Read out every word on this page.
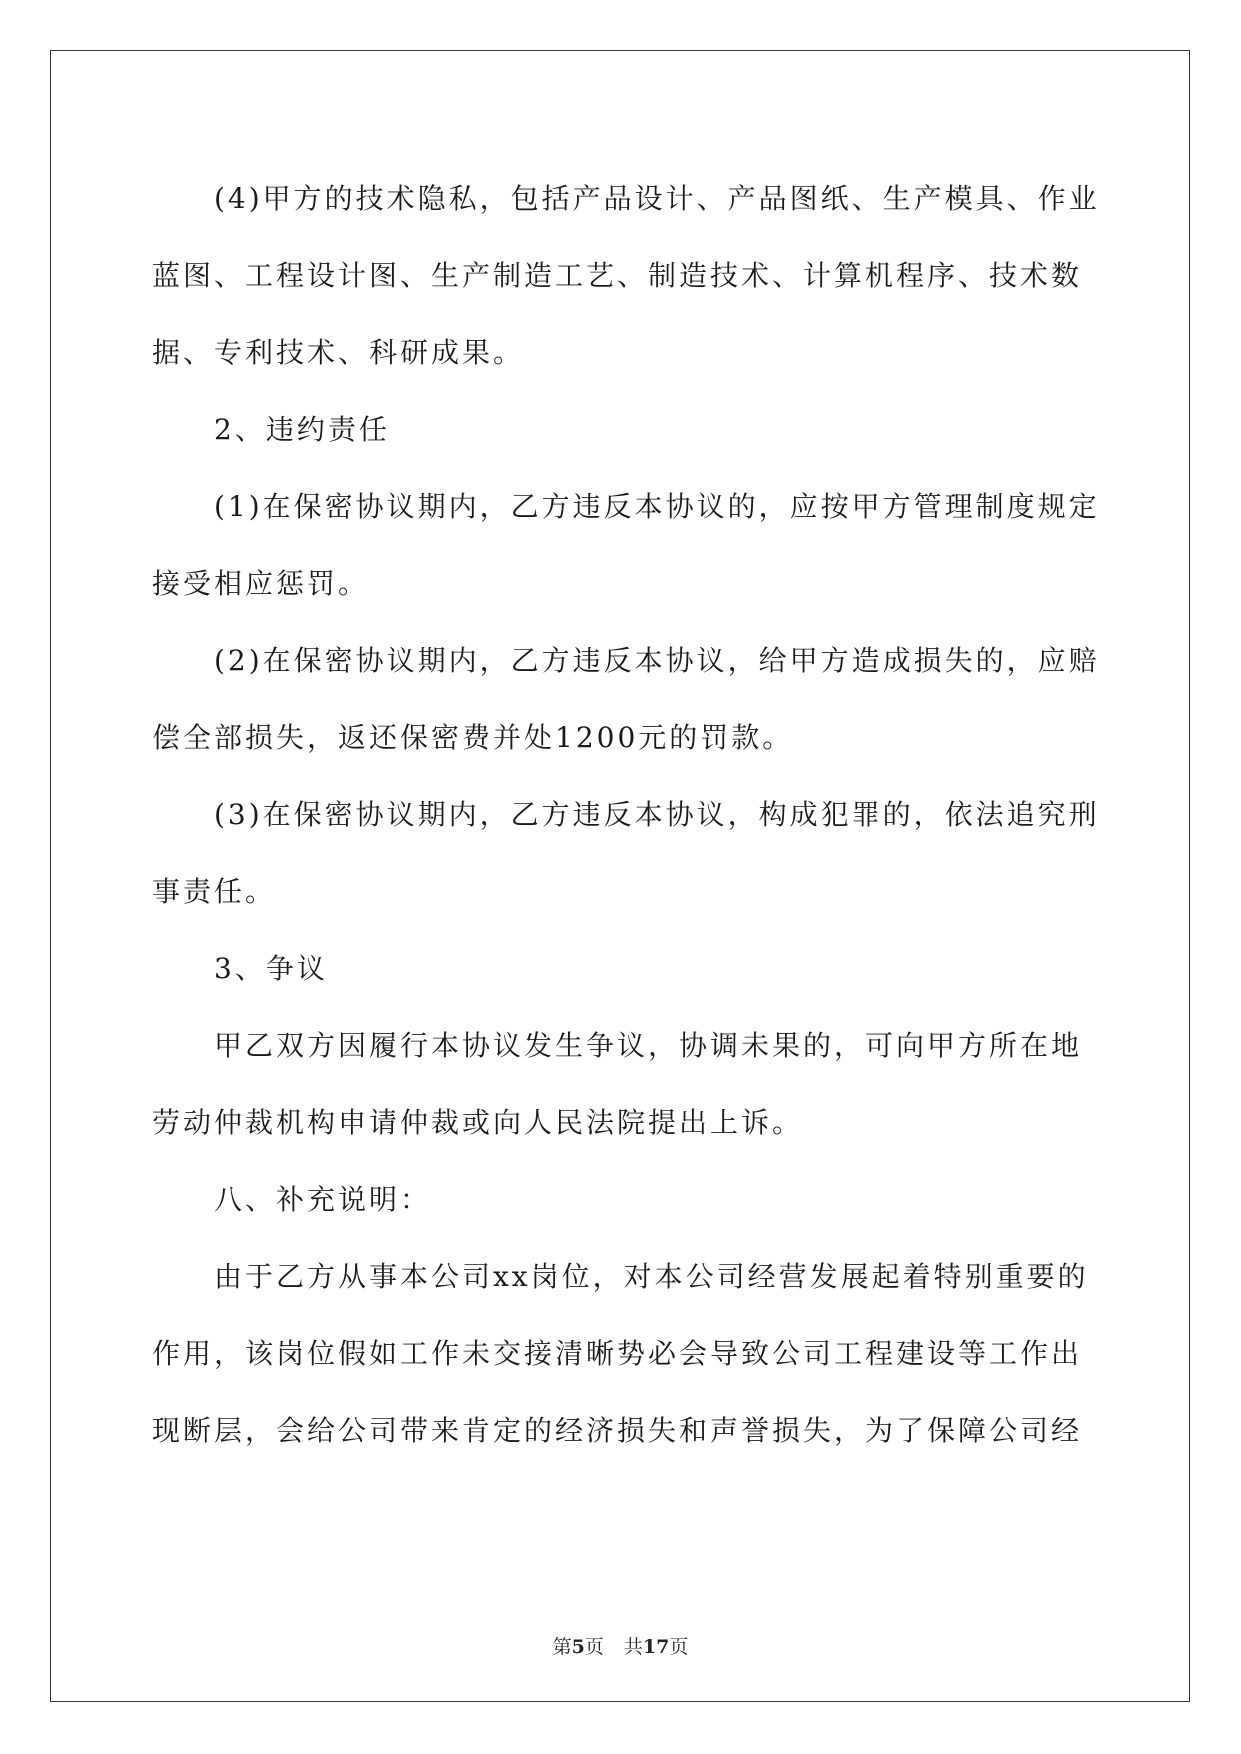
　　(4)甲方的技术隐私，包括产品设计、产品图纸、生产模具、作业
蓝图、工程设计图、生产制造工艺、制造技术、计算机程序、技术数
据、专利技术、科研成果。
　　2、违约责任
　　(1)在保密协议期内，乙方违反本协议的，应按甲方管理制度规定
接受相应惩罚。
　　(2)在保密协议期内，乙方违反本协议，给甲方造成损失的，应赔
偿全部损失，返还保密费并处1200元的罚款。
　　(3)在保密协议期内，乙方违反本协议，构成犯罪的，依法追究刑
事责任。
　　3、争议
　　甲乙双方因履行本协议发生争议，协调未果的，可向甲方所在地
劳动仲裁机构申请仲裁或向人民法院提出上诉。
　　八、补充说明：
　　由于乙方从事本公司xx岗位，对本公司经营发展起着特别重要的
作用，该岗位假如工作未交接清晰势必会导致公司工程建设等工作出
现断层，会给公司带来肯定的经济损失和声誉损失，为了保障公司经

第5页 共17页
